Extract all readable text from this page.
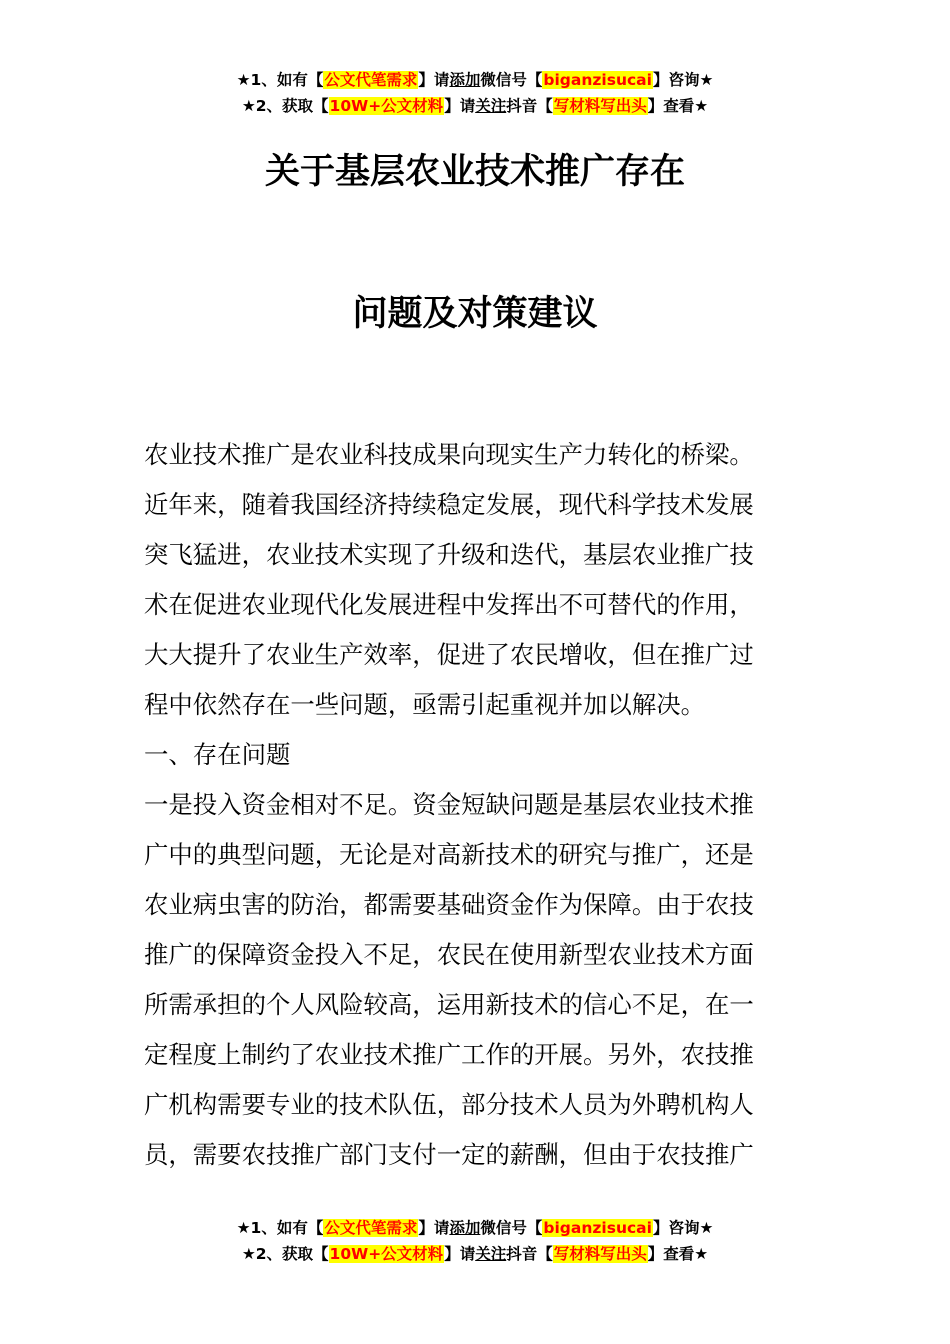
★1、如有【公文代笔需求】请添加微信号【biganzisucai】咨询★
★2、获取【10W+公文材料】请关注抖音【写材料写出头】查看★
关于基层农业技术推广存在
问题及对策建议
农业技术推广是农业科技成果向现实生产力转化的桥梁。
近年来，随着我国经济持续稳定发展，现代科学技术发展
突飞猛进，农业技术实现了升级和迭代，基层农业推广技
术在促进农业现代化发展进程中发挥出不可替代的作用，
大大提升了农业生产效率，促进了农民增收，但在推广过
程中依然存在一些问题，亟需引起重视并加以解决。
一、存在问题
一是投入资金相对不足。资金短缺问题是基层农业技术推
广中的典型问题，无论是对高新技术的研究与推广，还是
农业病虫害的防治，都需要基础资金作为保障。由于农技
推广的保障资金投入不足，农民在使用新型农业技术方面
所需承担的个人风险较高，运用新技术的信心不足，在一
定程度上制约了农业技术推广工作的开展。另外，农技推
广机构需要专业的技术队伍，部分技术人员为外聘机构人
员，需要农技推广部门支付一定的薪酬，但由于农技推广
★1、如有【公文代笔需求】请添加微信号【biganzisucai】咨询★
★2、获取【10W+公文材料】请关注抖音【写材料写出头】查看★
